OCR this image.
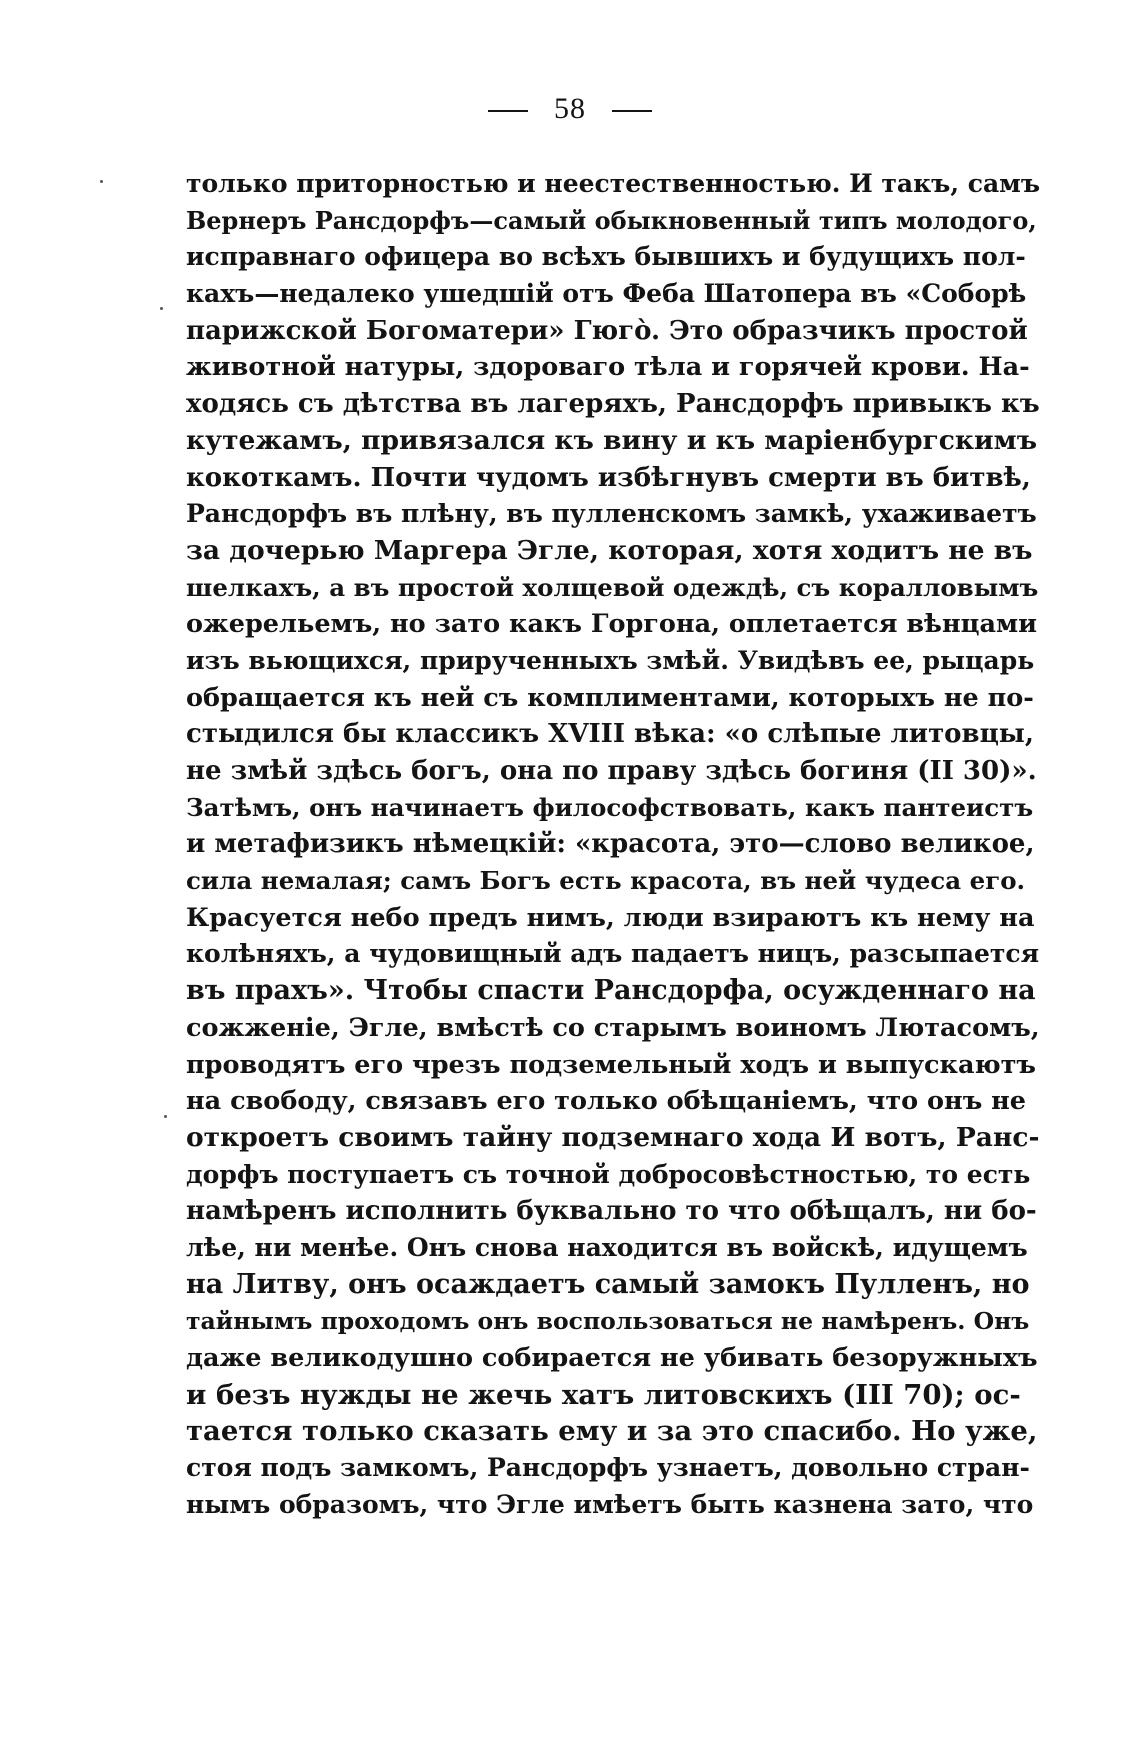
58
только приторностью и неестественностью. И такъ, самъ
Вернеръ Рансдорфъ—самый обыкновенный типъ молодого,
исправнаго офицера во всѣхъ бывшихъ и будущихъ пол-
кахъ—недалеко ушедшій отъ Феба Шатопера въ «Соборѣ
парижской Богоматери» Гюгò. Это образчикъ простой
животной натуры, здороваго тѣла и горячей крови. На-
ходясь съ дѣтства въ лагеряхъ, Рансдорфъ привыкъ къ
кутежамъ, привязался къ вину и къ маріенбургскимъ
кокоткамъ. Почти чудомъ избѣгнувъ смерти въ битвѣ,
Рансдорфъ въ плѣну, въ пулленскомъ замкѣ, ухаживаетъ
за дочерью Маргера Эгле, которая, хотя ходитъ не въ
шелкахъ, а въ простой холщевой одеждѣ, съ коралловымъ
ожерельемъ, но зато какъ Горгона, оплетается вѣнцами
изъ вьющихся, прирученныхъ змѣй. Увидѣвъ ее, рыцарь
обращается къ ней съ комплиментами, которыхъ не по-
стыдился бы классикъ XVIII вѣка: «о слѣпые литовцы,
не змѣй здѣсь богъ, она по праву здѣсь богиня (II 30)».
Затѣмъ, онъ начинаетъ философствовать, какъ пантеистъ
и метафизикъ нѣмецкій: «красота, это—слово великое,
сила немалая; самъ Богъ есть красота, въ ней чудеса его.
Красуется небо предъ нимъ, люди взираютъ къ нему на
колѣняхъ, а чудовищный адъ падаетъ ницъ, разсыпается
въ прахъ». Чтобы спасти Рансдорфа, осужденнаго на
сожженіе, Эгле, вмѣстѣ со старымъ воиномъ Лютасомъ,
проводятъ его чрезъ подземельный ходъ и выпускаютъ
на свободу, связавъ его только обѣщаніемъ, что онъ не
откроетъ своимъ тайну подземнаго хода И вотъ, Ранс-
дорфъ поступаетъ съ точной добросовѣстностью, то есть
намѣренъ исполнить буквально то что обѣщалъ, ни бо-
лѣе, ни менѣе. Онъ снова находится въ войскѣ, идущемъ
на Литву, онъ осаждаетъ самый замокъ Пулленъ, но
тайнымъ проходомъ онъ воспользоваться не намѣренъ. Онъ
даже великодушно собирается не убивать безоружныхъ
и безъ нужды не жечь хатъ литовскихъ (III 70); ос-
тается только сказать ему и за это спасибо. Но уже,
стоя подъ замкомъ, Рансдорфъ узнаетъ, довольно стран-
нымъ образомъ, что Эгле имѣетъ быть казнена зато, что
